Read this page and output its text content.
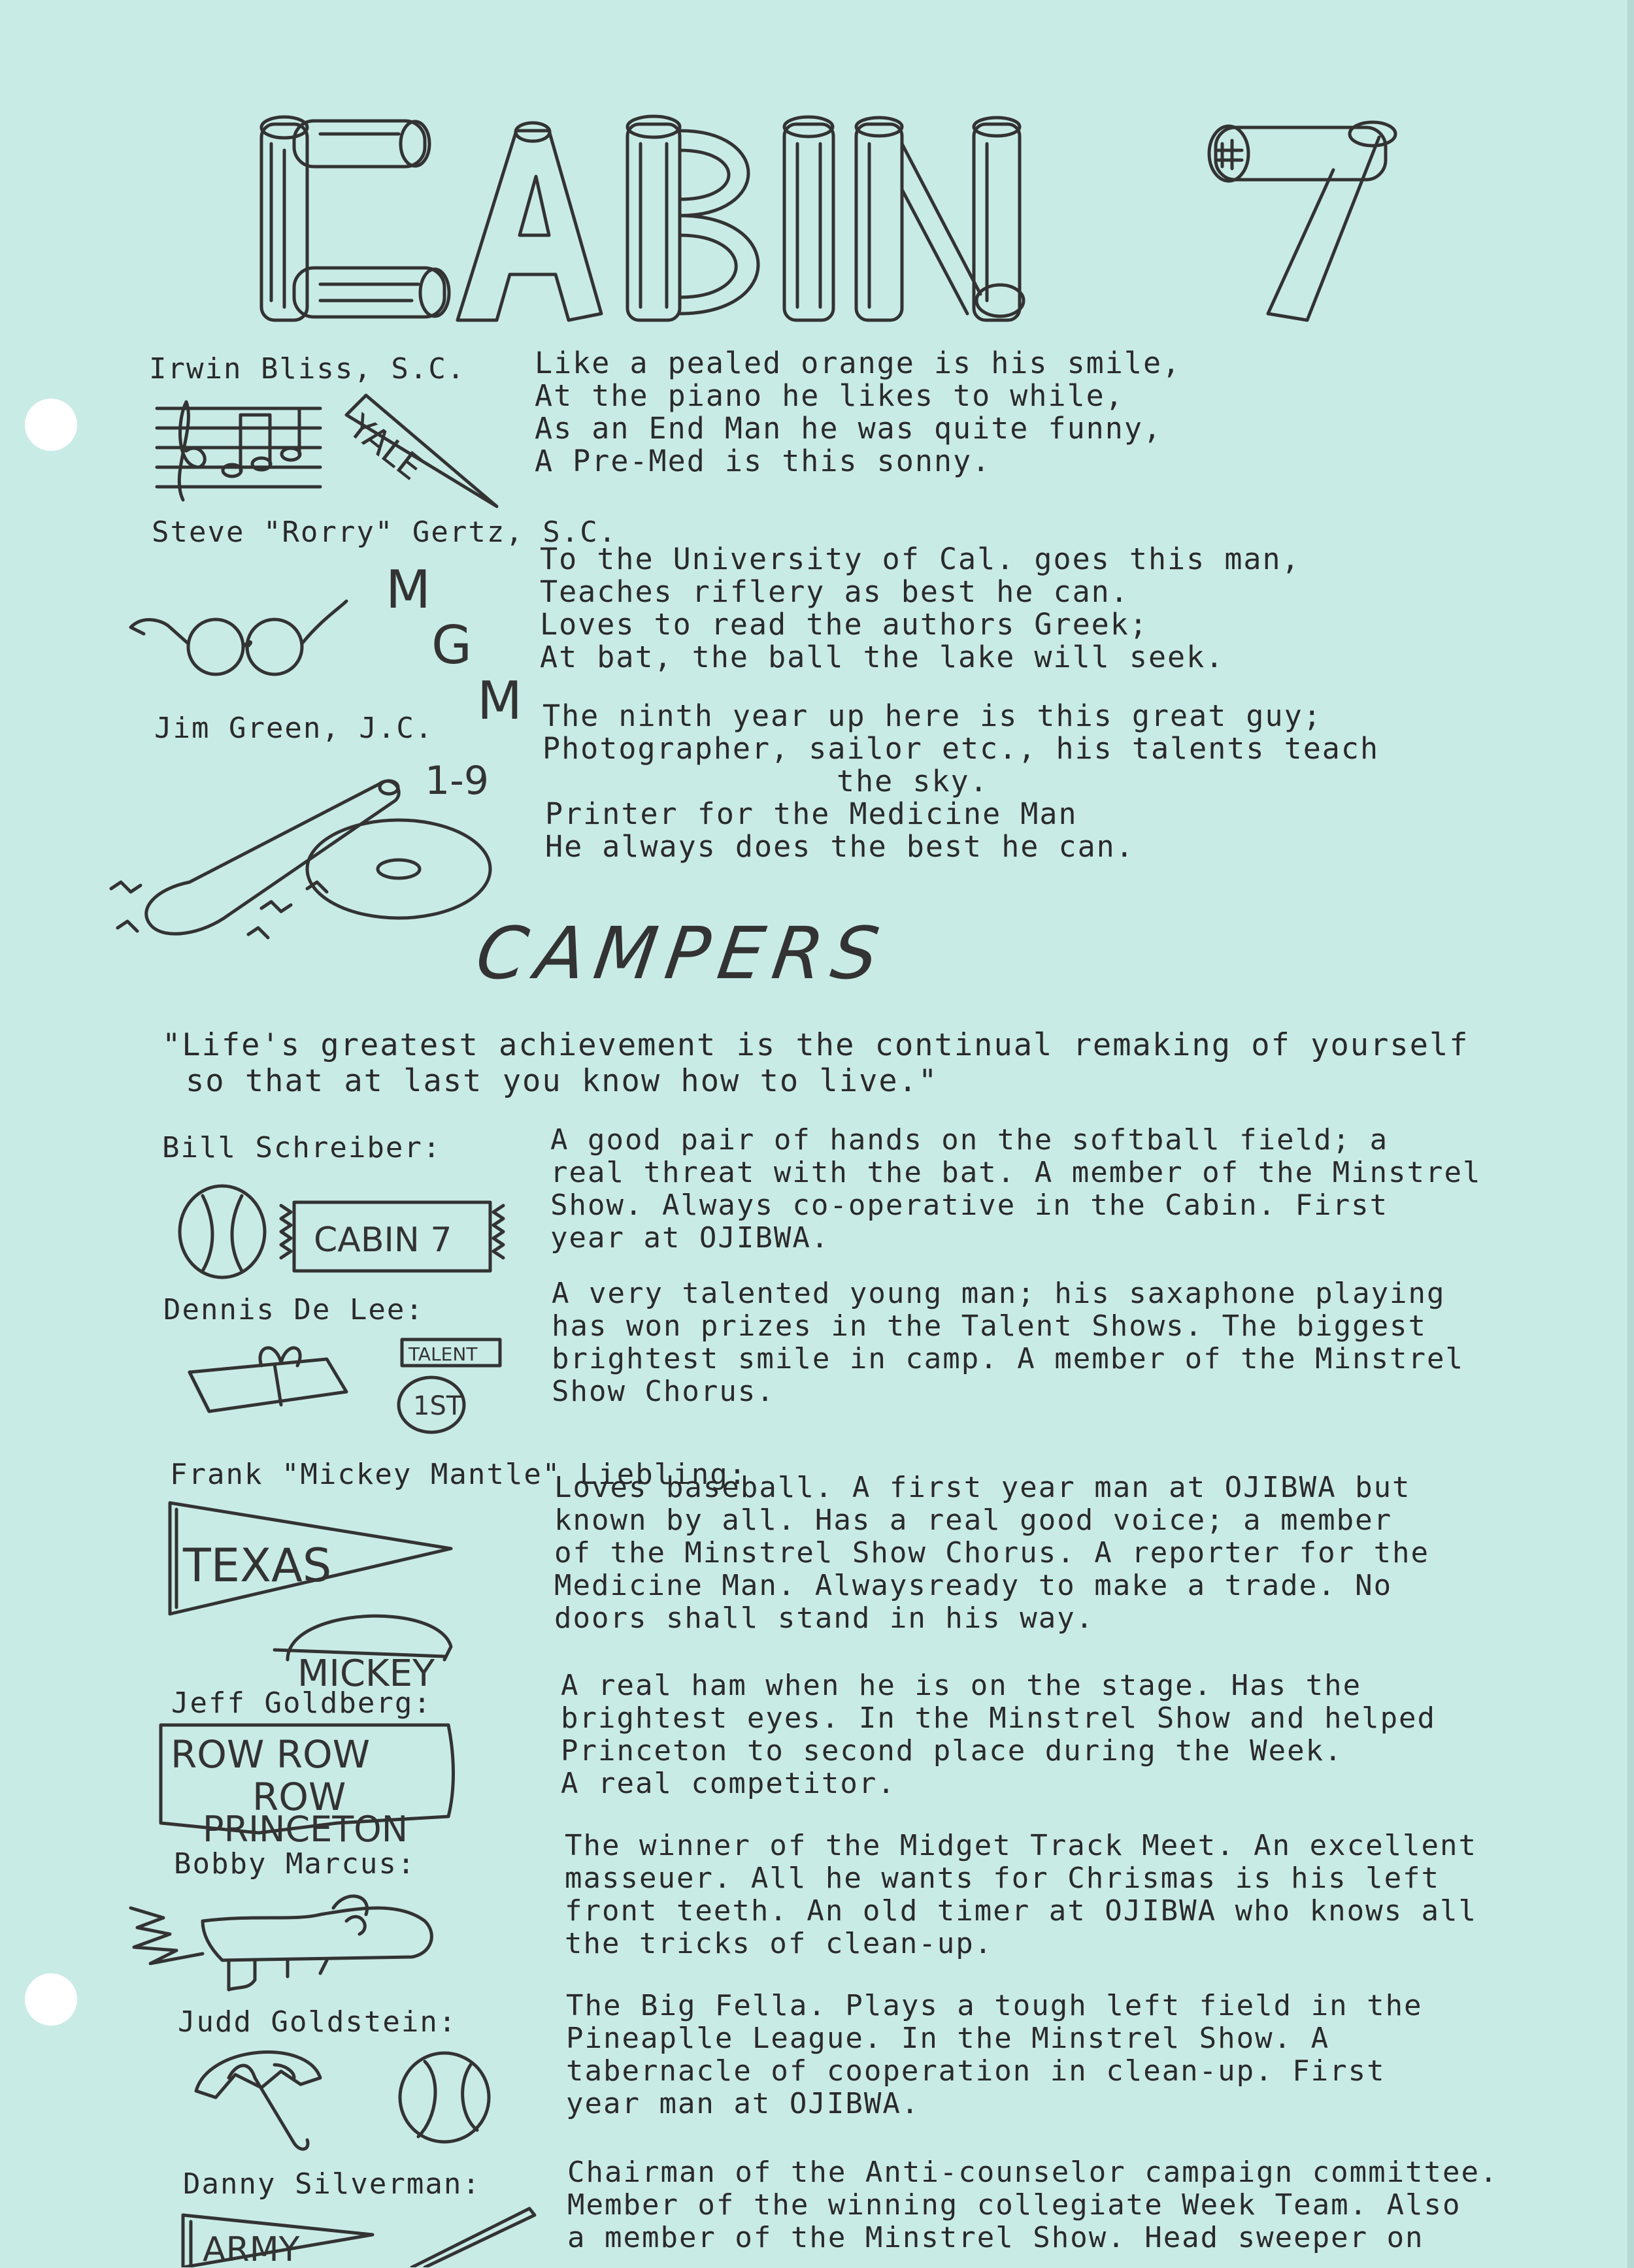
Irwin Bliss, S.C. Like a pealed orange is his smile,
At the piano he likes to while,
As an End Man he was quite funny,
A Pre-Med is this sonny.
YALE
Steve "Rorry" Gertz, S.C.
To the University of Cal. goes this man,
Teaches riflery as best he can.
Loves to read the authors Greek;
At bat, the ball the lake will seek.
M
G
M
Jim Green, J.C.	The ninth year up here is this great guy;
Photographer, sailor etc., his talents teach
the sky.
Printer for the Medicine Man
He always does the best he can.
1-9
CAMPERS
"Life's greatest achievement is the continual remaking of yourself
so that at last you know how to live."
Bill Schreiber:	A good pair of hands on the softball field; a
real threat with the bat. A member of the Minstrel
Show. Always co-operative in the Cabin. First
year at OJIBWA.
CABIN 7
Dennis De Lee:	A very talented young man; his saxaphone playing
has won prizes in the Talent Shows. The biggest
brightest smile in camp. A member of the Minstrel
Show Chorus.
TALENT
1ST
Frank "Mickey Mantle" Liebling:
Loves baseball. A first year man at OJIBWA but
known by all. Has a real good voice; a member
of the Minstrel Show Chorus. A reporter for the
Medicine Man. Alwaysready to make a trade. No
doors shall stand in his way.
TEXAS
MICKEY
Jeff Goldberg:
A real ham when he is on the stage. Has the
brightest eyes. In the Minstrel Show and helped
Princeton to second place during the Week.
A real competitor.
ROW ROW
ROW
PRINCETON
Bobby Marcus:
The winner of the Midget Track Meet. An excellent
masseuer. All he wants for Chrismas is his left
front teeth. An old timer at OJIBWA who knows all
the tricks of clean-up.
Judd Goldstein:	The Big Fella. Plays a tough left field in the
Pineaplle League. In the Minstrel Show. A
tabernacle of cooperation in clean-up. First
year man at OJIBWA.
Danny Silverman:	Chairman of the Anti-counselor campaign committee.
Member of the winning collegiate Week Team. Also
a member of the Minstrel Show. Head sweeper on
ARMY
